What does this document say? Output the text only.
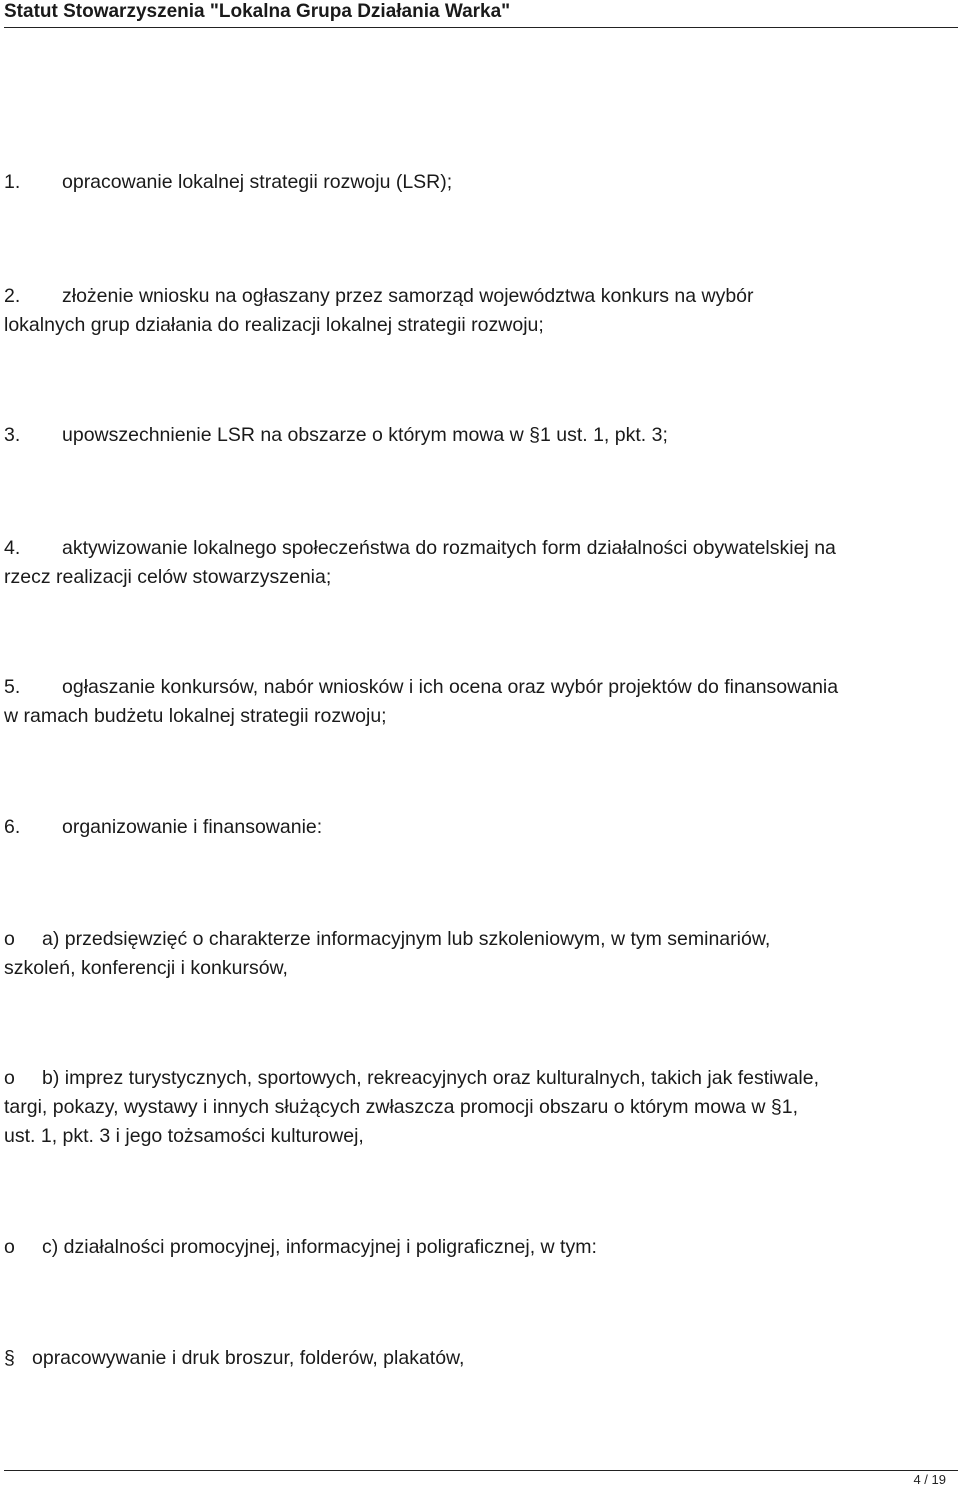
Statut Stowarzyszenia "Lokalna Grupa Działania Warka"

1. opracowanie lokalnej strategii rozwoju (LSR);

2. złożenie wniosku na ogłaszany przez samorząd województwa konkurs na wybór
lokalnych grup działania do realizacji lokalnej strategii rozwoju;

3. upowszechnienie LSR na obszarze o którym mowa w §1 ust. 1, pkt. 3;

4. aktywizowanie lokalnego społeczeństwa do rozmaitych form działalności obywatelskiej na
rzecz realizacji celów stowarzyszenia;

5. ogłaszanie konkursów, nabór wniosków i ich ocena oraz wybór projektów do finansowania
w ramach budżetu lokalnej strategii rozwoju;

6. organizowanie i finansowanie:

o a) przedsięwzięć o charakterze informacyjnym lub szkoleniowym, w tym seminariów,
szkoleń, konferencji i konkursów,

o b) imprez turystycznych, sportowych, rekreacyjnych oraz kulturalnych, takich jak festiwale,
targi, pokazy, wystawy i innych służących zwłaszcza promocji obszaru o którym mowa w §1,
ust. 1, pkt. 3 i jego tożsamości kulturowej,

o c) działalności promocyjnej, informacyjnej i poligraficznej, w tym:

§ opracowywanie i druk broszur, folderów, plakatów,

4 / 19
